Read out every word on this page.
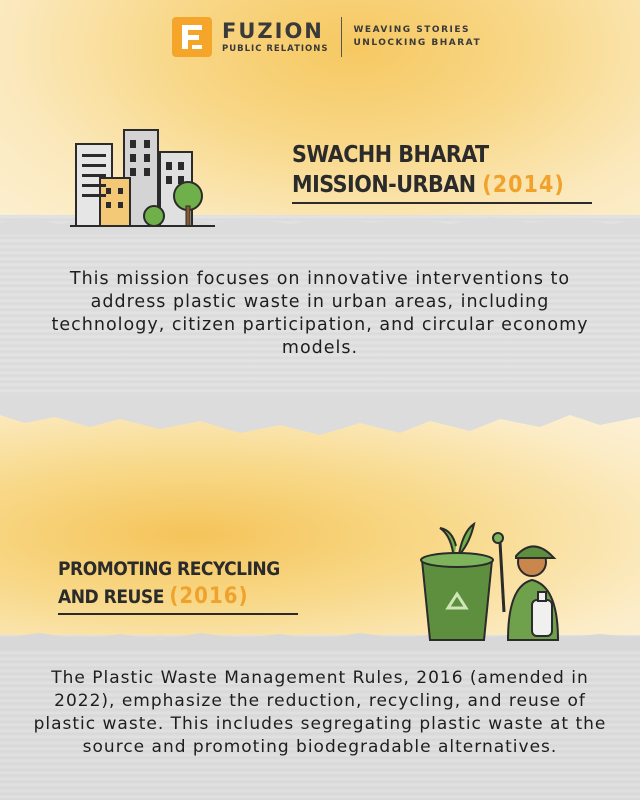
FUZION
PUBLIC RELATIONS
WEAVING STORIES
UNLOCKING BHARAT
SWACHH BHARAT
MISSION-URBAN (2014)
This mission focuses on innovative interventions to address plastic waste in urban areas, including technology, citizen participation, and circular economy models.
PROMOTING RECYCLING
AND REUSE (2016)
The Plastic Waste Management Rules, 2016 (amended in 2022), emphasize the reduction, recycling, and reuse of plastic waste. This includes segregating plastic waste at the source and promoting biodegradable alternatives.
